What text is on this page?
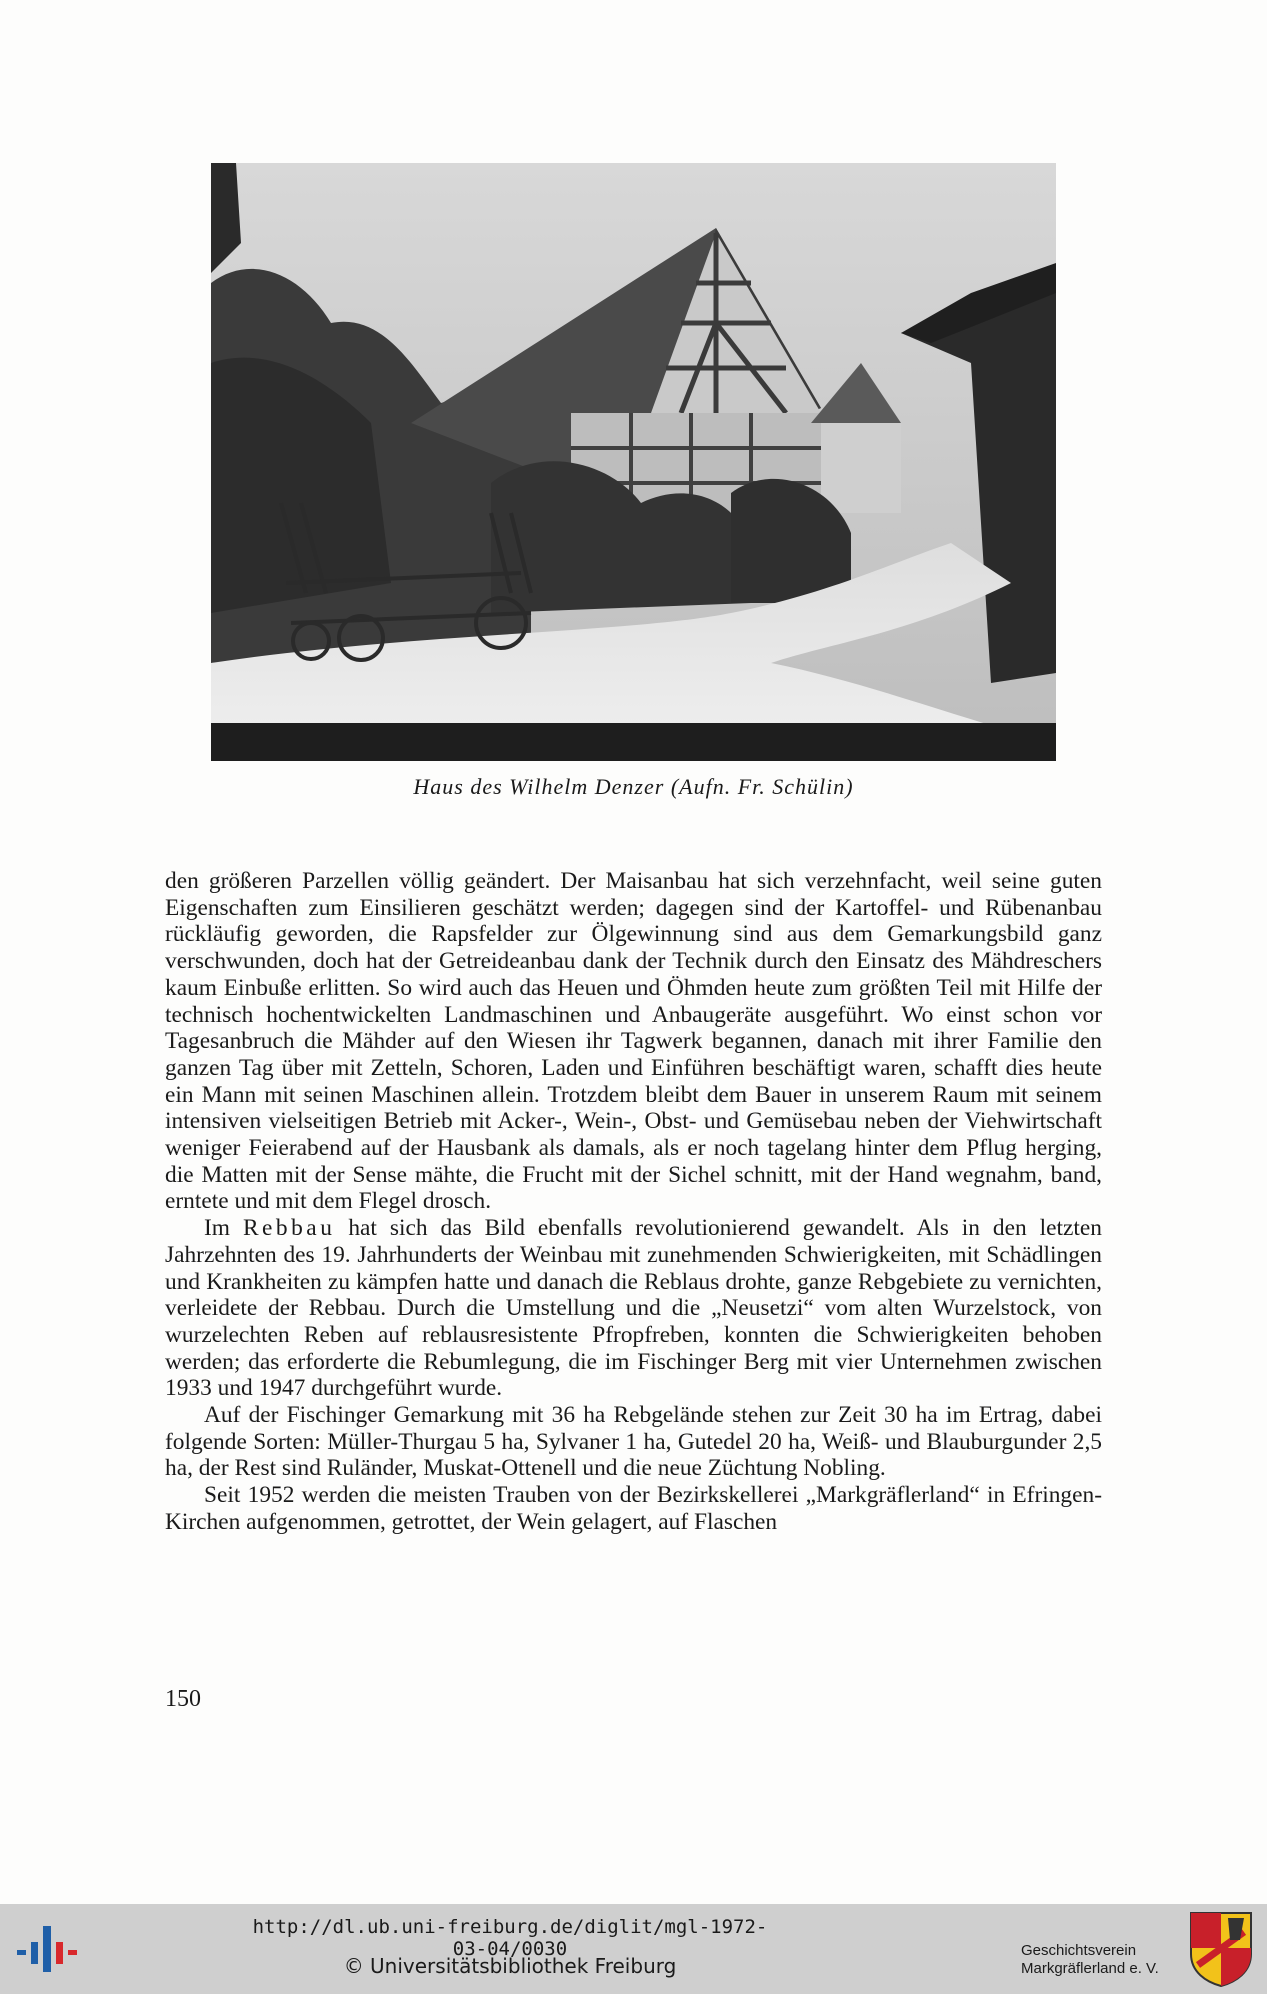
Haus des Wilhelm Denzer (Aufn. Fr. Schülin)

den größeren Parzellen völlig geändert. Der Maisanbau hat sich verzehnfacht, weil seine guten Eigenschaften zum Einsilieren geschätzt werden; dagegen sind der Kartoffel- und Rübenanbau rückläufig geworden, die Rapsfelder zur Ölgewinnung sind aus dem Gemarkungsbild ganz verschwunden, doch hat der Getreideanbau dank der Technik durch den Einsatz des Mähdreschers kaum Einbuße erlitten. So wird auch das Heuen und Öhmden heute zum größten Teil mit Hilfe der technisch hochentwickelten Landmaschinen und Anbaugeräte ausgeführt. Wo einst schon vor Tagesanbruch die Mähder auf den Wiesen ihr Tagwerk begannen, danach mit ihrer Familie den ganzen Tag über mit Zetteln, Schoren, Laden und Einführen beschäftigt waren, schafft dies heute ein Mann mit seinen Maschinen allein. Trotzdem bleibt dem Bauer in unserem Raum mit seinem intensiven vielseitigen Betrieb mit Acker-, Wein-, Obst- und Gemüsebau neben der Viehwirtschaft weniger Feierabend auf der Hausbank als damals, als er noch tagelang hinter dem Pflug herging, die Matten mit der Sense mähte, die Frucht mit der Sichel schnitt, mit der Hand wegnahm, band, erntete und mit dem Flegel drosch.

Im Rebbau hat sich das Bild ebenfalls revolutionierend gewandelt. Als in den letzten Jahrzehnten des 19. Jahrhunderts der Weinbau mit zunehmenden Schwierigkeiten, mit Schädlingen und Krankheiten zu kämpfen hatte und danach die Reblaus drohte, ganze Rebgebiete zu vernichten, verleidete der Rebbau. Durch die Umstellung und die „Neusetzi“ vom alten Wurzelstock, von wurzelechten Reben auf reblausresistente Pfropfreben, konnten die Schwierigkeiten behoben werden; das erforderte die Rebumlegung, die im Fischinger Berg mit vier Unternehmen zwischen 1933 und 1947 durchgeführt wurde.

Auf der Fischinger Gemarkung mit 36 ha Rebgelände stehen zur Zeit 30 ha im Ertrag, dabei folgende Sorten: Müller-Thurgau 5 ha, Sylvaner 1 ha, Gutedel 20 ha, Weiß- und Blauburgunder 2,5 ha, der Rest sind Ruländer, Muskat-Ottenell und die neue Züchtung Nobling.

Seit 1952 werden die meisten Trauben von der Bezirkskellerei „Markgräflerland“ in Efringen-Kirchen aufgenommen, getrottet, der Wein gelagert, auf Flaschen

150
http://dl.ub.uni-freiburg.de/diglit/mgl-1972-03-04/0030
© Universitätsbibliothek Freiburg
Geschichtsverein
Markgräflerland e. V.
